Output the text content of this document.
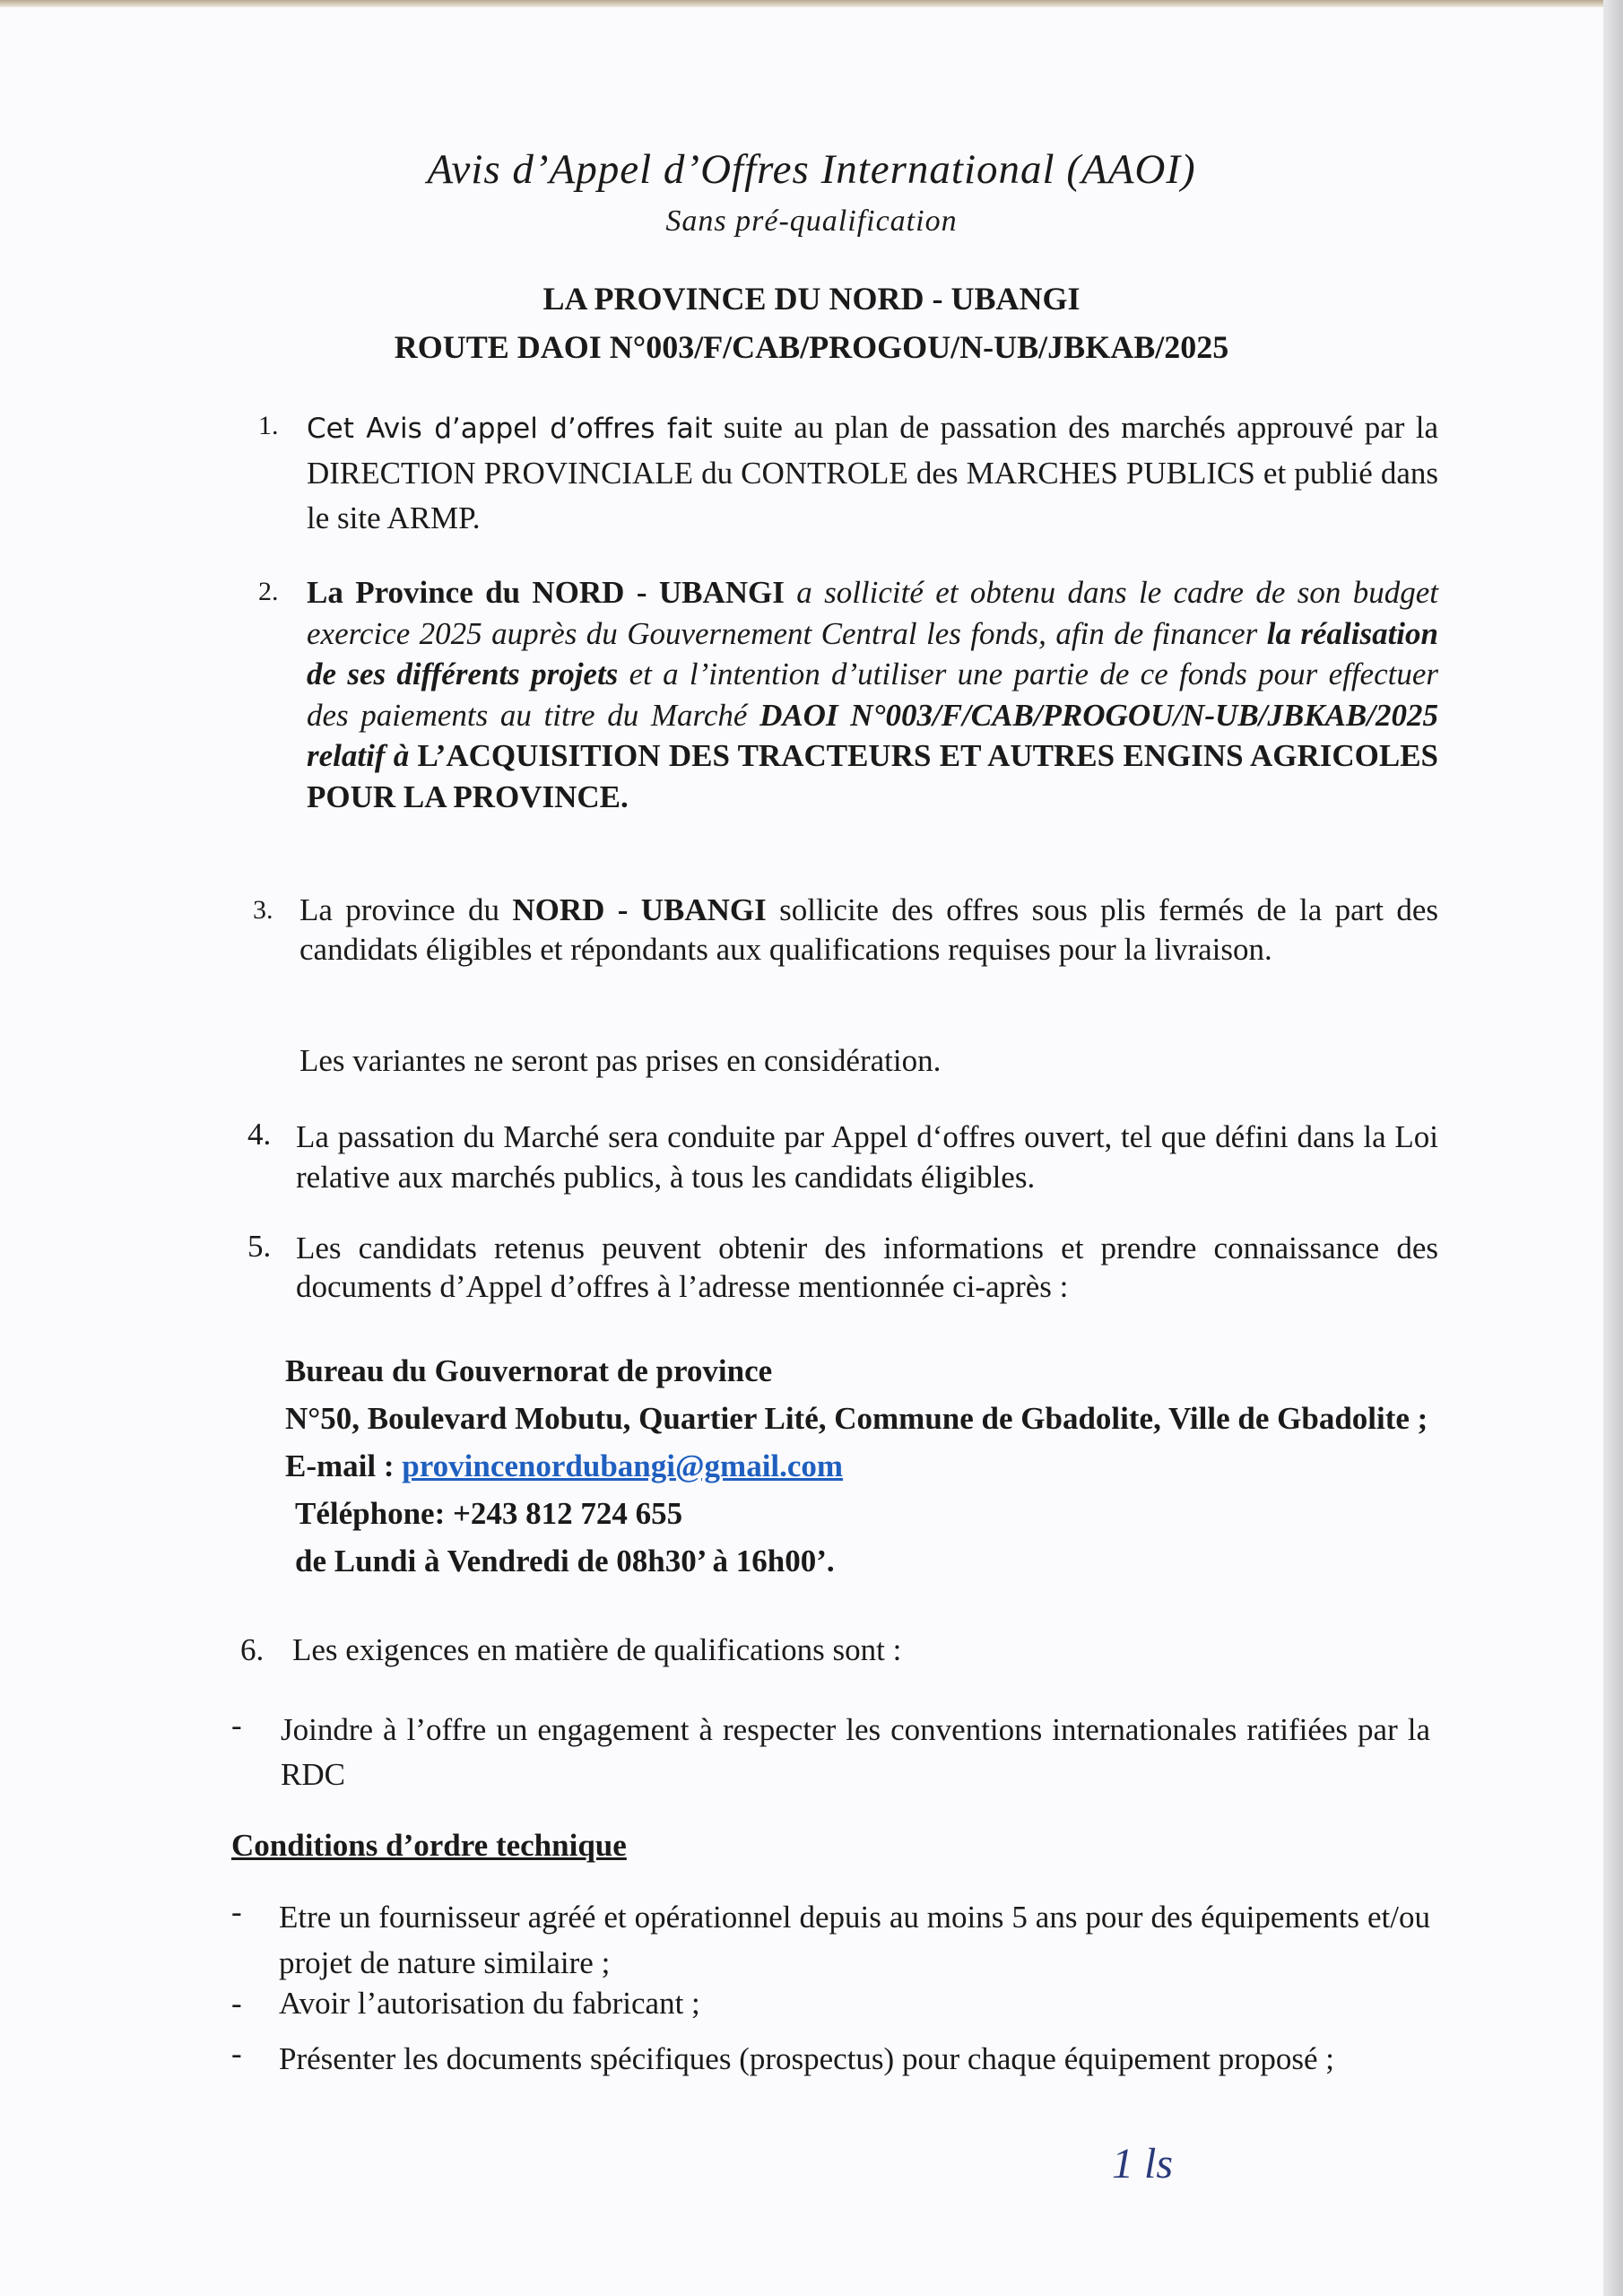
Avis d’Appel d’Offres International (AAOI)
Sans pré-qualification
LA PROVINCE DU NORD - UBANGI
ROUTE DAOI N°003/F/CAB/PROGOU/N-UB/JBKAB/2025
1. Cet Avis d’appel d’offres fait suite au plan de passation des marchés approuvé par la DIRECTION PROVINCIALE du CONTROLE des MARCHES PUBLICS et publié dans le site ARMP.
2. La Province du NORD - UBANGI a sollicité et obtenu dans le cadre de son budget exercice 2025 auprès du Gouvernement Central les fonds, afin de financer la réalisation de ses différents projets et a l’intention d’utiliser une partie de ce fonds pour effectuer des paiements au titre du Marché DAOI N°003/F/CAB/PROGOU/N-UB/JBKAB/2025 relatif à L’ACQUISITION DES TRACTEURS ET AUTRES ENGINS AGRICOLES POUR LA PROVINCE.
3. La province du NORD - UBANGI sollicite des offres sous plis fermés de la part des candidats éligibles et répondants aux qualifications requises pour la livraison.
Les variantes ne seront pas prises en considération.
4. La passation du Marché sera conduite par Appel d‘offres ouvert, tel que défini dans la Loi relative aux marchés publics, à tous les candidats éligibles.
5. Les candidats retenus peuvent obtenir des informations et prendre connaissance des documents d’Appel d’offres à l’adresse mentionnée ci-après :
Bureau du Gouvernorat de province
N°50, Boulevard Mobutu, Quartier Lité, Commune de Gbadolite, Ville de Gbadolite ;
E-mail : provincenordubangi@gmail.com
Téléphone: +243 812 724 655
de Lundi à Vendredi de 08h30’ à 16h00’.
6. Les exigences en matière de qualifications sont :
- Joindre à l’offre un engagement à respecter les conventions internationales ratifiées par la RDC
Conditions d’ordre technique
- Etre un fournisseur agréé et opérationnel depuis au moins 5 ans pour des équipements et/ou projet de nature similaire ;
- Avoir l’autorisation du fabricant ;
- Présenter les documents spécifiques (prospectus) pour chaque équipement proposé ;
1 ls
